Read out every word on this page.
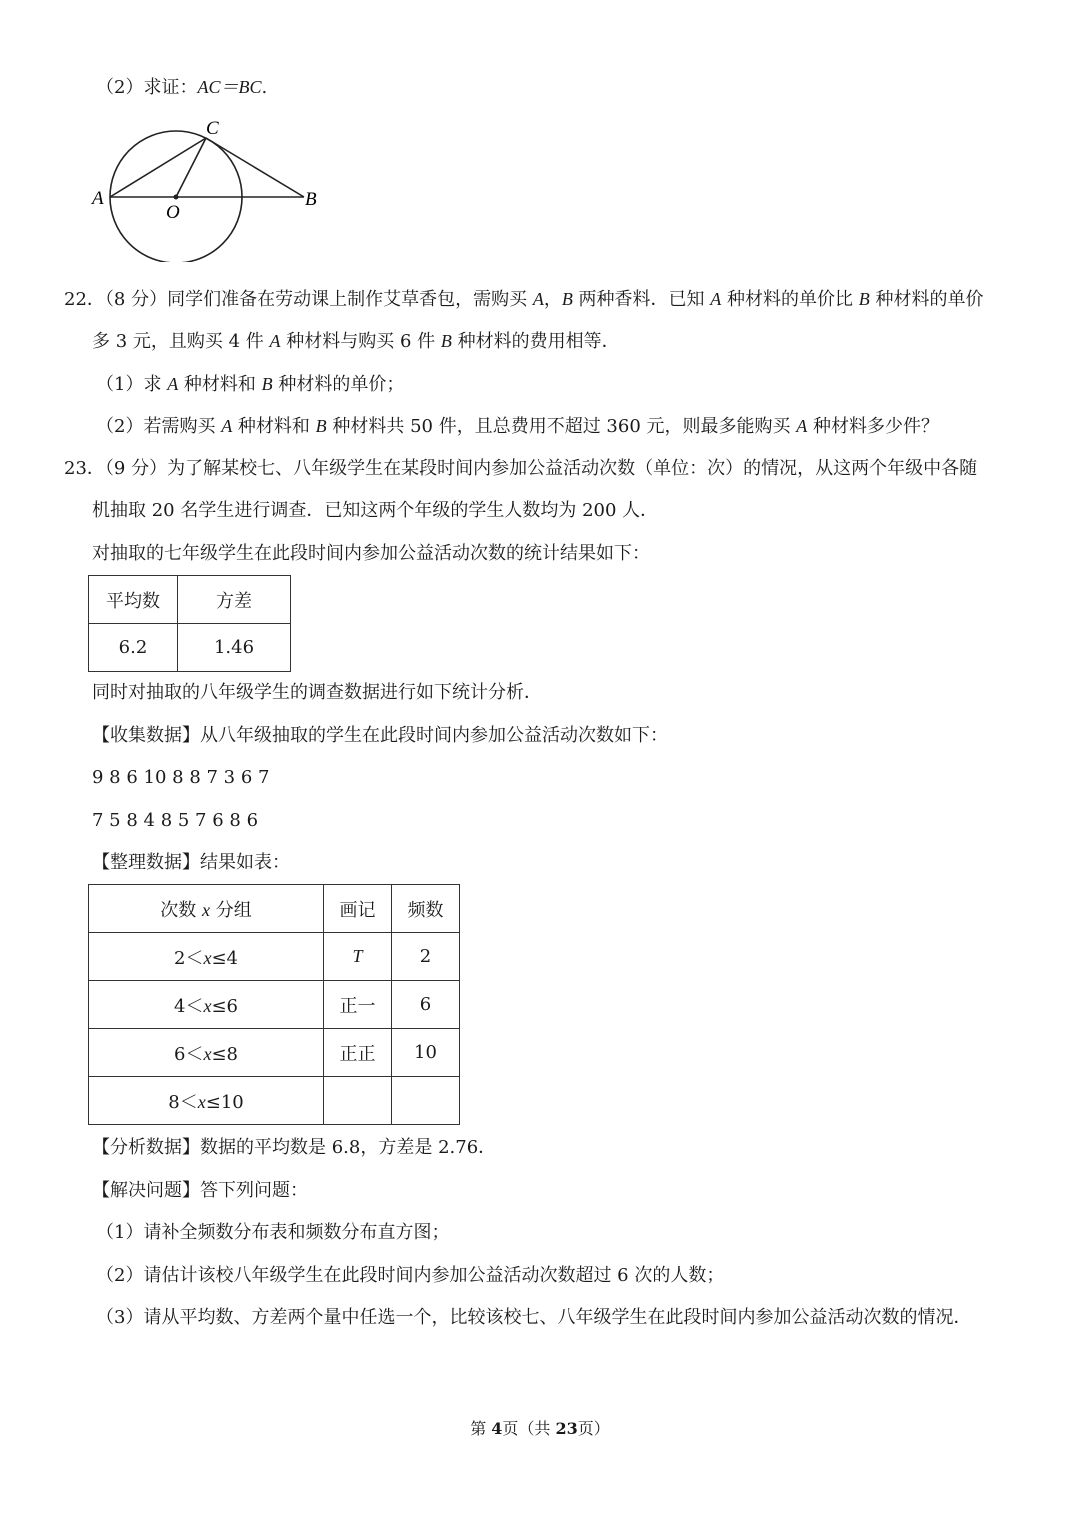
（2）求证：AC＝BC.
C
A
O
B
22．（8 分）同学们准备在劳动课上制作艾草香包，需购买 A，B 两种香料．已知 A 种材料的单价比 B 种材料的单价
多 3 元，且购买 4 件 A 种材料与购买 6 件 B 种材料的费用相等．
（1）求 A 种材料和 B 种材料的单价；
（2）若需购买 A 种材料和 B 种材料共 50 件，且总费用不超过 360 元，则最多能购买 A 种材料多少件？
23．（9 分）为了解某校七、八年级学生在某段时间内参加公益活动次数（单位：次）的情况，从这两个年级中各随
机抽取 20 名学生进行调查．已知这两个年级的学生人数均为 200 人．
对抽取的七年级学生在此段时间内参加公益活动次数的统计结果如下：
平均数	方差
6.2	1.46
同时对抽取的八年级学生的调查数据进行如下统计分析．
【收集数据】从八年级抽取的学生在此段时间内参加公益活动次数如下：
9 8 6 10 8 8 7 3 6 7
7 5 8 4 8 5 7 6 8 6
【整理数据】结果如表：
次数 x 分组	画记	频数
2＜x≤4	T	2
4＜x≤6	正一	6
6＜x≤8	正正	10
8＜x≤10		
【分析数据】数据的平均数是 6.8，方差是 2.76．
【解决问题】答下列问题：
（1）请补全频数分布表和频数分布直方图；
（2）请估计该校八年级学生在此段时间内参加公益活动次数超过 6 次的人数；
（3）请从平均数、方差两个量中任选一个，比较该校七、八年级学生在此段时间内参加公益活动次数的情况．
第 4页（共 23页）
